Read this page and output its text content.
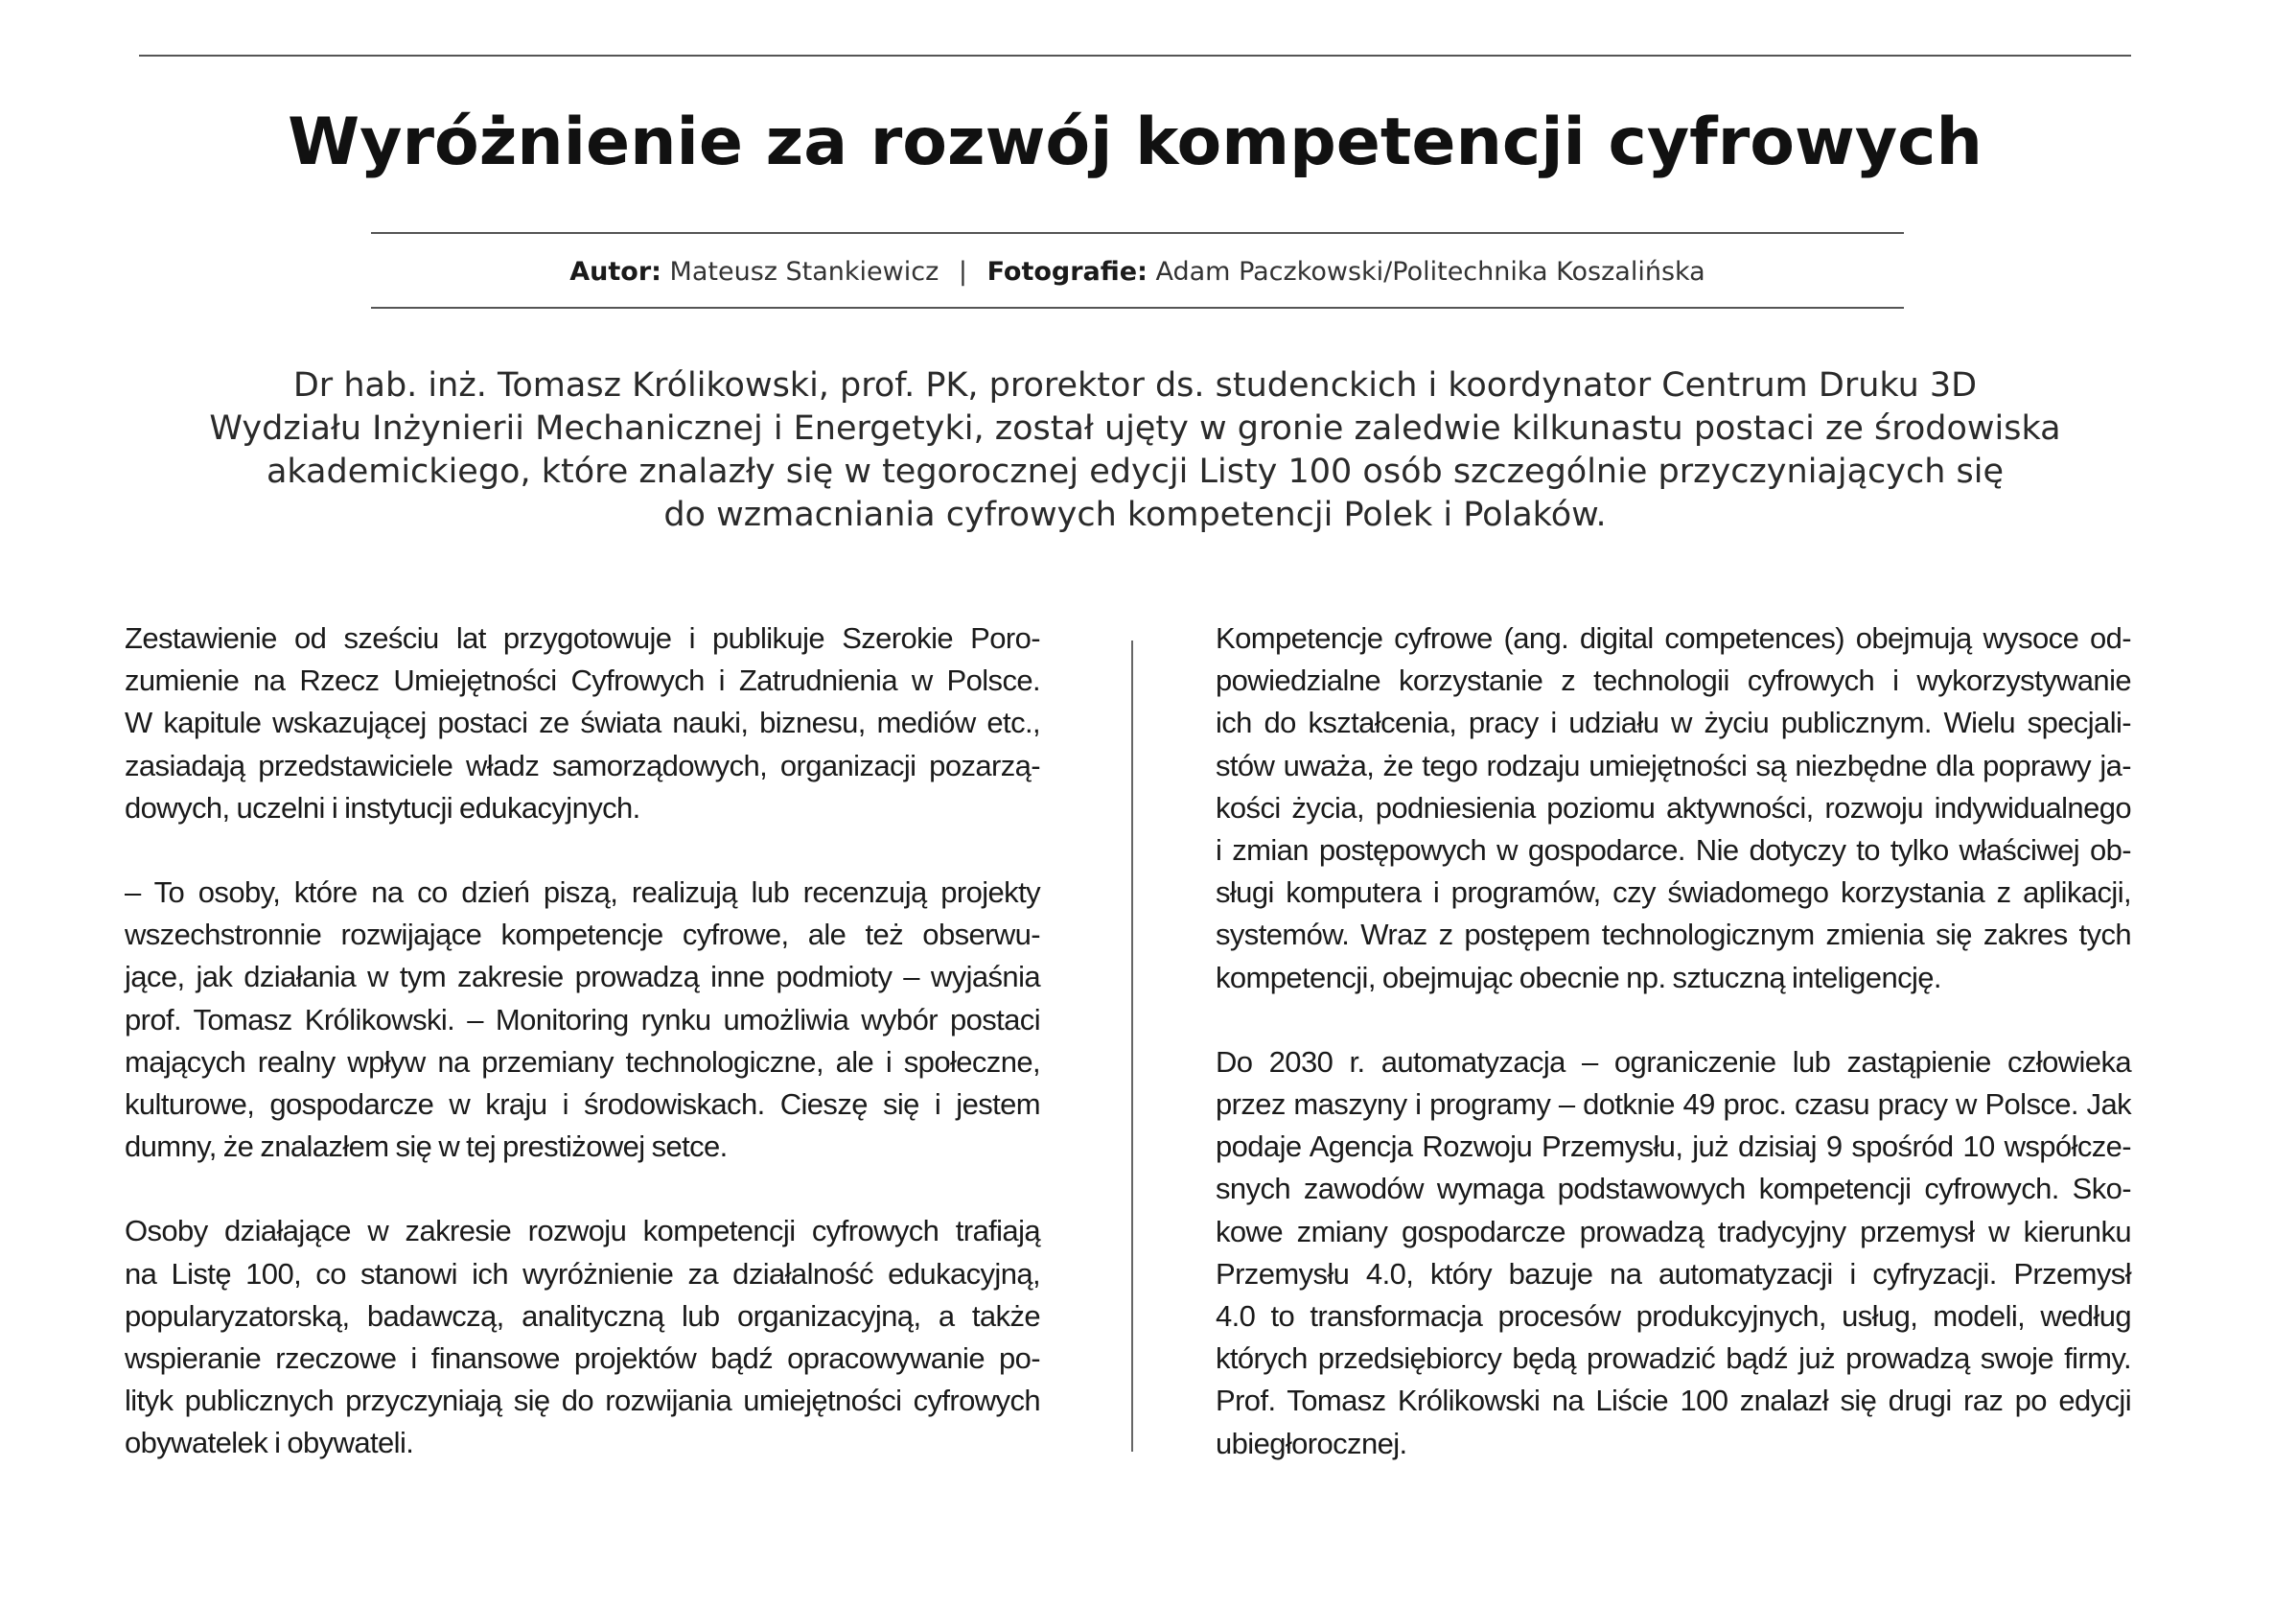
Wyróżnienie za rozwój kompetencji cyfrowych
Autor: Mateusz Stankiewicz | Fotografie: Adam Paczkowski/Politechnika Koszalińska

Dr hab. inż. Tomasz Królikowski, prof. PK, prorektor ds. studenckich i koordynator Centrum Druku 3D
Wydziału Inżynierii Mechanicznej i Energetyki, został ujęty w gronie zaledwie kilkunastu postaci ze środowiska
akademickiego, które znalazły się w tegorocznej edycji Listy 100 osób szczególnie przyczyniających się
do wzmacniania cyfrowych kompetencji Polek i Polaków.

Zestawienie od sześciu lat przygotowuje i publikuje Szerokie Poro-
zumienie na Rzecz Umiejętności Cyfrowych i Zatrudnienia w Polsce.
W kapitule wskazującej postaci ze świata nauki, biznesu, mediów etc.,
zasiadają przedstawiciele władz samorządowych, organizacji pozarzą-
dowych, uczelni i instytucji edukacyjnych.

– To osoby, które na co dzień piszą, realizują lub recenzują projekty
wszechstronnie rozwijające kompetencje cyfrowe, ale też obserwu-
jące, jak działania w tym zakresie prowadzą inne podmioty – wyjaśnia
prof. Tomasz Królikowski. – Monitoring rynku umożliwia wybór postaci
mających realny wpływ na przemiany technologiczne, ale i społeczne,
kulturowe, gospodarcze w kraju i środowiskach. Cieszę się i jestem
dumny, że znalazłem się w tej prestiżowej setce.

Osoby działające w zakresie rozwoju kompetencji cyfrowych trafiają
na Listę 100, co stanowi ich wyróżnienie za działalność edukacyjną,
popularyzatorską, badawczą, analityczną lub organizacyjną, a także
wspieranie rzeczowe i finansowe projektów bądź opracowywanie po-
lityk publicznych przyczyniają się do rozwijania umiejętności cyfrowych
obywatelek i obywateli.

Kompetencje cyfrowe (ang. digital competences) obejmują wysoce od-
powiedzialne korzystanie z technologii cyfrowych i wykorzystywanie
ich do kształcenia, pracy i udziału w życiu publicznym. Wielu specjali-
stów uważa, że tego rodzaju umiejętności są niezbędne dla poprawy ja-
kości życia, podniesienia poziomu aktywności, rozwoju indywidualnego
i zmian postępowych w gospodarce. Nie dotyczy to tylko właściwej ob-
sługi komputera i programów, czy świadomego korzystania z aplikacji,
systemów. Wraz z postępem technologicznym zmienia się zakres tych
kompetencji, obejmując obecnie np. sztuczną inteligencję.

Do 2030 r. automatyzacja – ograniczenie lub zastąpienie człowieka
przez maszyny i programy – dotknie 49 proc. czasu pracy w Polsce. Jak
podaje Agencja Rozwoju Przemysłu, już dzisiaj 9 spośród 10 współcze-
snych zawodów wymaga podstawowych kompetencji cyfrowych. Sko-
kowe zmiany gospodarcze prowadzą tradycyjny przemysł w kierunku
Przemysłu 4.0, który bazuje na automatyzacji i cyfryzacji. Przemysł
4.0 to transformacja procesów produkcyjnych, usług, modeli, według
których przedsiębiorcy będą prowadzić bądź już prowadzą swoje firmy.
Prof. Tomasz Królikowski na Liście 100 znalazł się drugi raz po edycji
ubiegłorocznej.
